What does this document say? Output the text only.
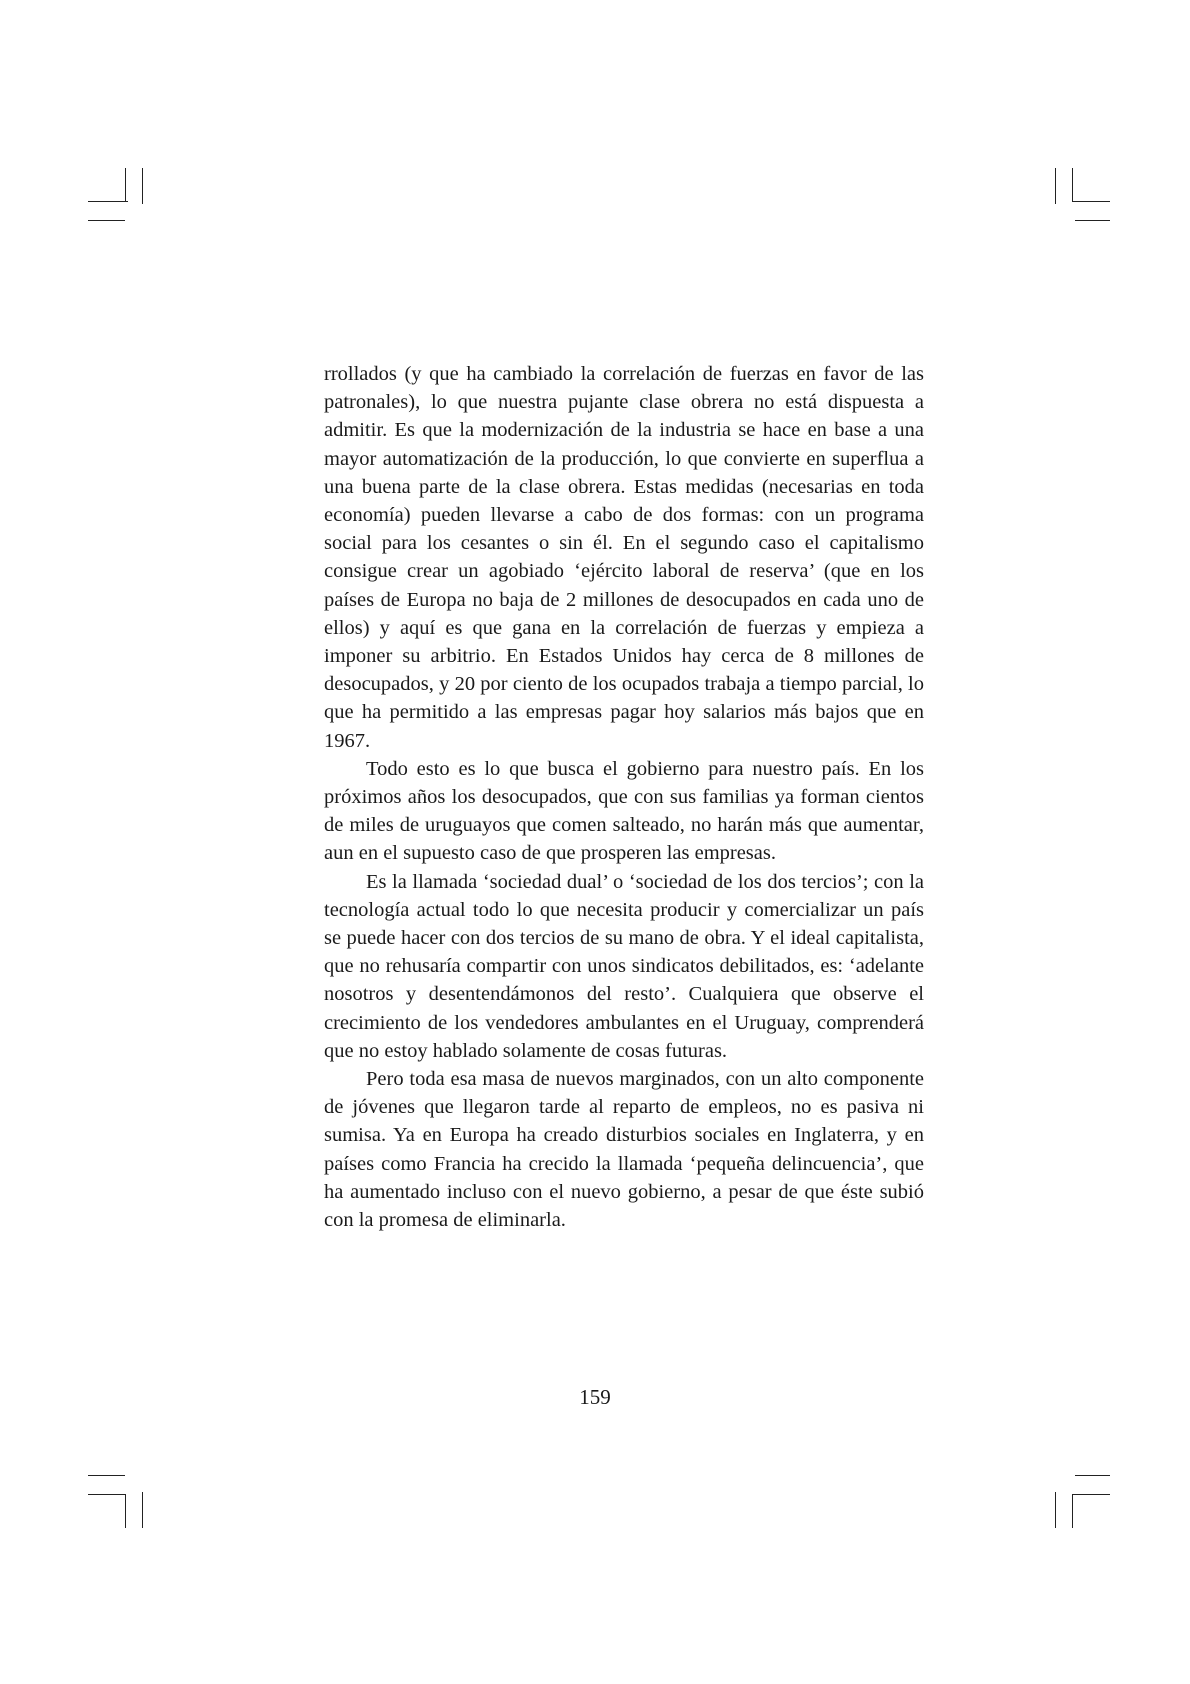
rrollados (y que ha cambiado la correlación de fuerzas en favor de las patronales), lo que nuestra pujante clase obrera no está dispuesta a admitir. Es que la modernización de la industria se hace en base a una mayor automatización de la producción, lo que convierte en superflua a una buena parte de la clase obrera. Estas medidas (necesarias en toda economía) pueden llevarse a cabo de dos formas: con un programa social para los cesantes o sin él. En el segundo caso el capitalismo consigue crear un agobiado ‘ejército laboral de reserva’ (que en los países de Europa no baja de 2 millones de desocupados en cada uno de ellos) y aquí es que gana en la correlación de fuerzas y empieza a imponer su arbitrio. En Estados Unidos hay cerca de 8 millones de desocupados, y 20 por ciento de los ocupados trabaja a tiempo parcial, lo que ha permitido a las empresas pagar hoy salarios más bajos que en 1967.

Todo esto es lo que busca el gobierno para nuestro país. En los próximos años los desocupados, que con sus familias ya forman cientos de miles de uruguayos que comen salteado, no harán más que aumentar, aun en el supuesto caso de que prosperen las empresas.

Es la llamada ‘sociedad dual’ o ‘sociedad de los dos tercios’; con la tecnología actual todo lo que necesita producir y comercializar un país se puede hacer con dos tercios de su mano de obra. Y el ideal capitalista, que no rehusaría compartir con unos sindicatos debilitados, es: ‘adelante nosotros y desentendámonos del resto’. Cualquiera que observe el crecimiento de los vendedores ambulantes en el Uruguay, comprenderá que no estoy hablado solamente de cosas futuras.

Pero toda esa masa de nuevos marginados, con un alto componente de jóvenes que llegaron tarde al reparto de empleos, no es pasiva ni sumisa. Ya en Europa ha creado disturbios sociales en Inglaterra, y en países como Francia ha crecido la llamada ‘pequeña delincuencia’, que ha aumentado incluso con el nuevo gobierno, a pesar de que éste subió con la promesa de eliminarla.

159
